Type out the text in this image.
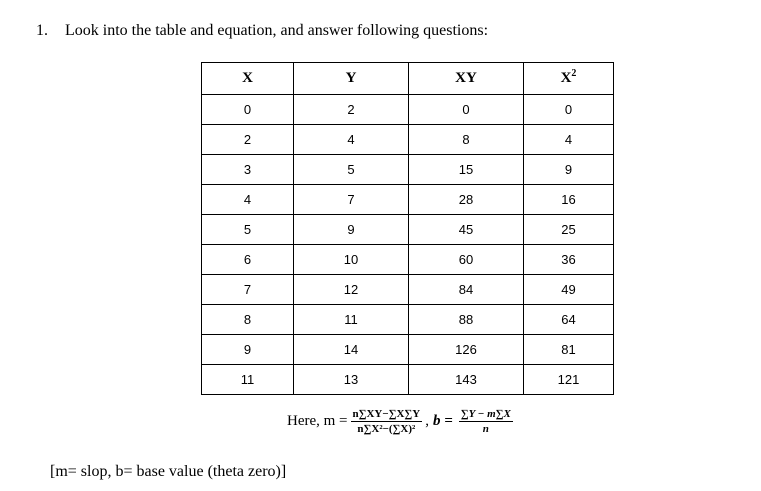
1. Look into the table and equation, and answer following questions:
X	Y	XY	$X^2$
0	2	0	0
2	4	8	4
3	5	15	9
4	7	28	16
5	9	45	25
6	10	60	36
7	12	84	49
8	11	88	64
9	14	126	81
11	13	143	121
Here, $m = \frac{n\sum XY-\sum X\sum Y}{\text{n∑X²−(∑X)²}}$ , $b = \frac{\sum Y - m\sum X}{n}$
[m= slop, b= base value (theta zero)]
